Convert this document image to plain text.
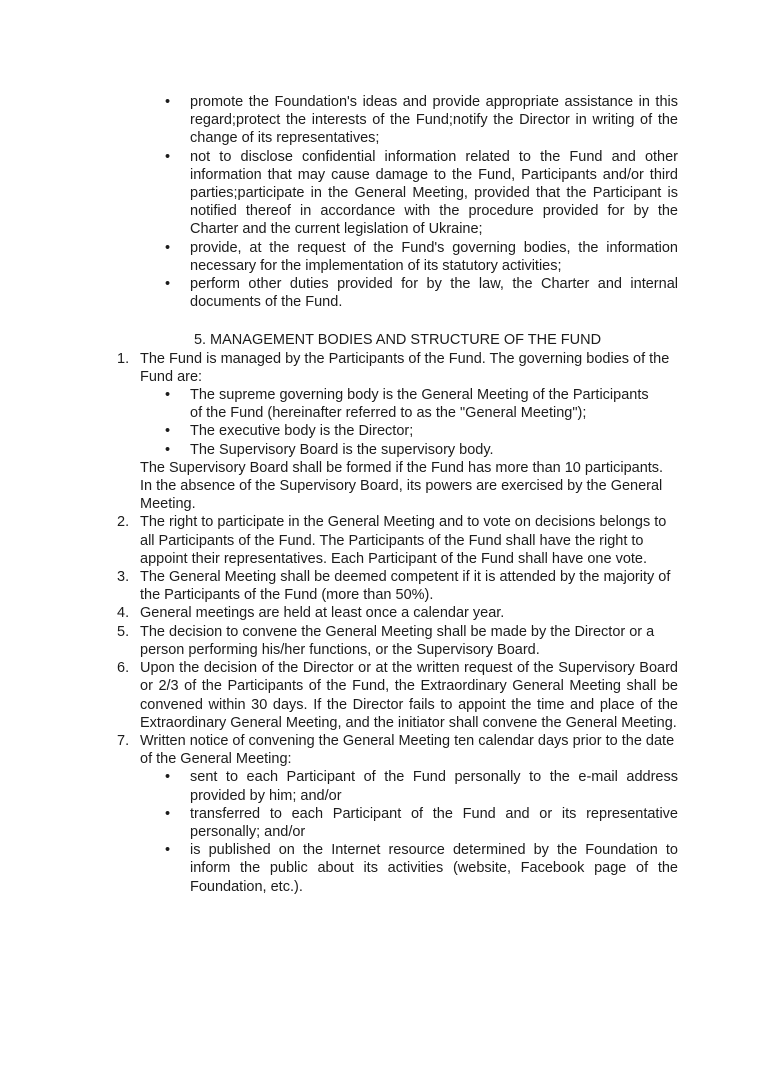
•	promote the Foundation's ideas and provide appropriate assistance in this regard;protect the interests of the Fund;notify the Director in writing of the change of its representatives;
•	not to disclose confidential information related to the Fund and other information that may cause damage to the Fund, Participants and/or third parties;participate in the General Meeting, provided that the Participant is notified thereof in accordance with the procedure provided for by the Charter and the current legislation of Ukraine;
•	provide, at the request of the Fund's governing bodies, the information necessary for the implementation of its statutory activities;
•	perform other duties provided for by the law, the Charter and internal documents of the Fund.
5. MANAGEMENT BODIES AND STRUCTURE OF THE FUND
1. The Fund is managed by the Participants of the Fund. The governing bodies of the Fund are:
•	The supreme governing body is the General Meeting of the Participants of the Fund (hereinafter referred to as the "General Meeting");
•	The executive body is the Director;
•	The Supervisory Board is the supervisory body.
The Supervisory Board shall be formed if the Fund has more than 10 participants. In the absence of the Supervisory Board, its powers are exercised by the General Meeting.
2. The right to participate in the General Meeting and to vote on decisions belongs to all Participants of the Fund. The Participants of the Fund shall have the right to appoint their representatives. Each Participant of the Fund shall have one vote.
3. The General Meeting shall be deemed competent if it is attended by the majority of the Participants of the Fund (more than 50%).
4. General meetings are held at least once a calendar year.
5. The decision to convene the General Meeting shall be made by the Director or a person performing his/her functions, or the Supervisory Board.
6. Upon the decision of the Director or at the written request of the Supervisory Board or 2/3 of the Participants of the Fund, the Extraordinary General Meeting shall be convened within 30 days. If the Director fails to appoint the time and place of the Extraordinary General Meeting, and the initiator shall convene the General Meeting.
7. Written notice of convening the General Meeting ten calendar days prior to the date of the General Meeting:
•	sent to each Participant of the Fund personally to the e-mail address provided by him; and/or
•	transferred to each Participant of the Fund and or its representative personally; and/or
•	is published on the Internet resource determined by the Foundation to inform the public about its activities (website, Facebook page of the Foundation, etc.).
